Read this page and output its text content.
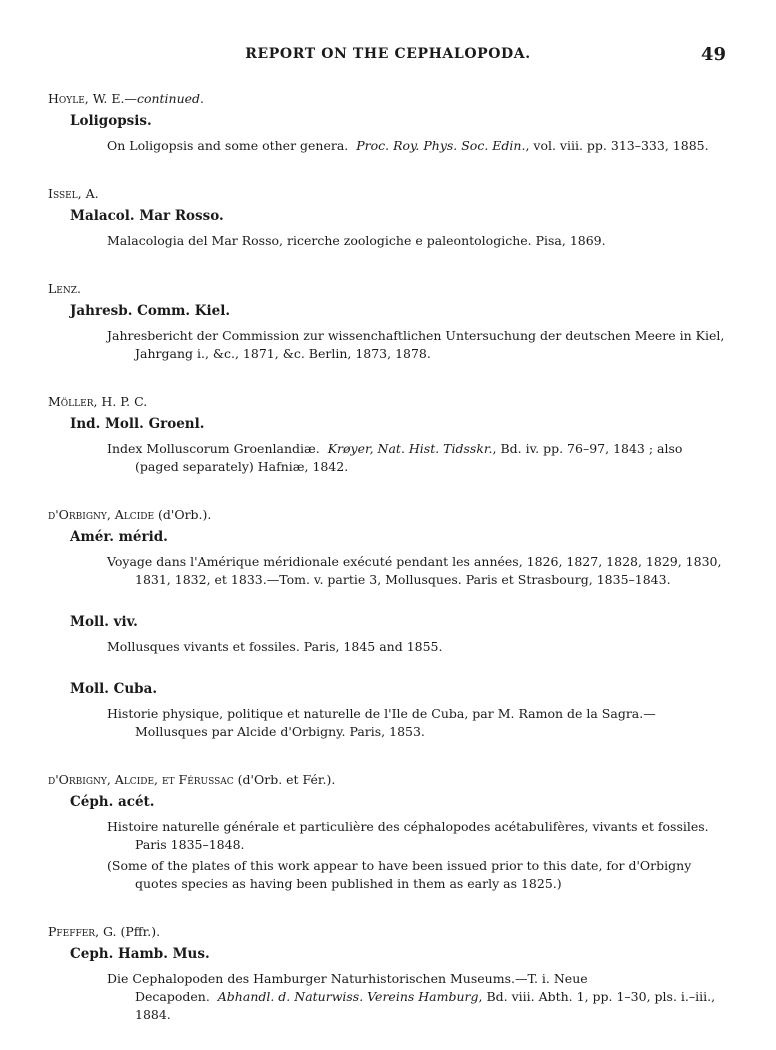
REPORT ON THE CEPHALOPODA.	49
Hoyle, W. E.—continued.
Loligopsis.
On Loligopsis and some other genera. Proc. Roy. Phys. Soc. Edin., vol. viii. pp. 313–333, 1885.
Issel, A.
Malacol. Mar Rosso.
Malacologia del Mar Rosso, ricerche zoologiche e paleontologiche. Pisa, 1869.
Lenz.
Jahresb. Comm. Kiel.
Jahresbericht der Commission zur wissenchaftlichen Untersuchung der deutschen Meere in Kiel, Jahrgang i., &c., 1871, &c. Berlin, 1873, 1878.
Möller, H. P. C.
Ind. Moll. Groenl.
Index Molluscorum Groenlandiæ. Krøyer, Nat. Hist. Tidsskr., Bd. iv. pp. 76–97, 1843 ; also (paged separately) Hafniæ, 1842.
d'Orbigny, Alcide (d'Orb.).
Amér. mérid.
Voyage dans l'Amérique méridionale exécuté pendant les années, 1826, 1827, 1828, 1829, 1830, 1831, 1832, et 1833.—Tom. v. partie 3, Mollusques. Paris et Strasbourg, 1835–1843.
Moll. viv.
Mollusques vivants et fossiles. Paris, 1845 and 1855.
Moll. Cuba.
Historie physique, politique et naturelle de l'Ile de Cuba, par M. Ramon de la Sagra.—Mollusques par Alcide d'Orbigny. Paris, 1853.
d'Orbigny, Alcide, et Férussac (d'Orb. et Fér.).
Céph. acét.
Histoire naturelle générale et particulière des céphalopodes acétabulifères, vivants et fossiles. Paris 1835–1848.
(Some of the plates of this work appear to have been issued prior to this date, for d'Orbigny quotes species as having been published in them as early as 1825.)
Pfeffer, G. (Pffr.).
Ceph. Hamb. Mus.
Die Cephalopoden des Hamburger Naturhistorischen Museums.—T. i. Neue Decapoden. Abhandl. d. Naturwiss. Vereins Hamburg, Bd. viii. Abth. 1, pp. 1–30, pls. i.–iii., 1884.
